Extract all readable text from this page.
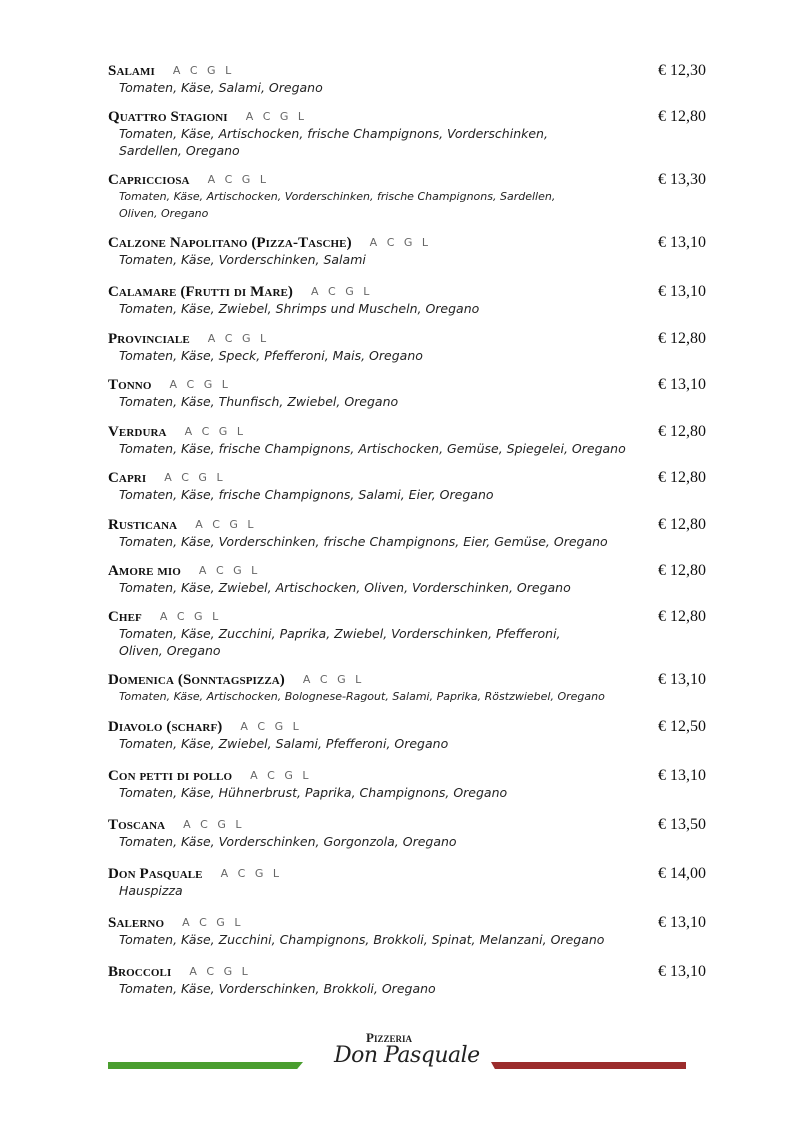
Salami A C G L	€ 12,30
Tomaten, Käse, Salami, Oregano
Quattro Stagioni A C G L	€ 12,80
Tomaten, Käse, Artischocken, frische Champignons, Vorderschinken, Sardellen, Oregano
Capricciosa A C G L	€ 13,30
Tomaten, Käse, Artischocken, Vorderschinken, frische Champignons, Sardellen, Oliven, Oregano
Calzone Napolitano (Pizza-Tasche) A C G L	€ 13,10
Tomaten, Käse, Vorderschinken, Salami
Calamare (Frutti di Mare) A C G L	€ 13,10
Tomaten, Käse, Zwiebel, Shrimps und Muscheln, Oregano
Provinciale A C G L	€ 12,80
Tomaten, Käse, Speck, Pfefferoni, Mais, Oregano
Tonno A C G L	€ 13,10
Tomaten, Käse, Thunfisch, Zwiebel, Oregano
Verdura A C G L	€ 12,80
Tomaten, Käse, frische Champignons, Artischocken, Gemüse, Spiegelei, Oregano
Capri A C G L	€ 12,80
Tomaten, Käse, frische Champignons, Salami, Eier, Oregano
Rusticana A C G L	€ 12,80
Tomaten, Käse, Vorderschinken, frische Champignons, Eier, Gemüse, Oregano
Amore mio A C G L	€ 12,80
Tomaten, Käse, Zwiebel, Artischocken, Oliven, Vorderschinken, Oregano
Chef A C G L	€ 12,80
Tomaten, Käse, Zucchini, Paprika, Zwiebel, Vorderschinken, Pfefferoni, Oliven, Oregano
Domenica (Sonntagspizza) A C G L	€ 13,10
Tomaten, Käse, Artischocken, Bolognese-Ragout, Salami, Paprika, Röstzwiebel, Oregano
Diavolo (scharf) A C G L	€ 12,50
Tomaten, Käse, Zwiebel, Salami, Pfefferoni, Oregano
Con petti di pollo A C G L	€ 13,10
Tomaten, Käse, Hühnerbrust, Paprika, Champignons, Oregano
Toscana A C G L	€ 13,50
Tomaten, Käse, Vorderschinken, Gorgonzola, Oregano
Don Pasquale A C G L	€ 14,00
Hauspizza
Salerno A C G L	€ 13,10
Tomaten, Käse, Zucchini, Champignons, Brokkoli, Spinat, Melanzani, Oregano
Broccoli A C G L	€ 13,10
Tomaten, Käse, Vorderschinken, Brokkoli, Oregano
Pizzeria
Don Pasquale
